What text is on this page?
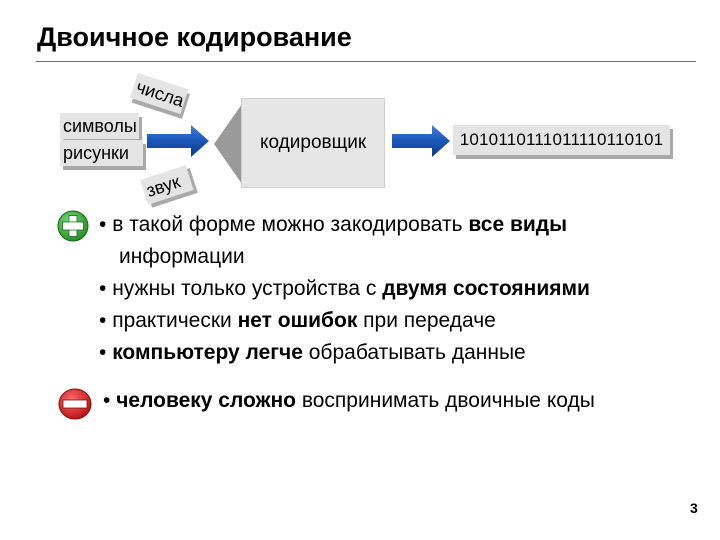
Двоичное кодирование
числа
символы
рисунки
звук
кодировщик	1010110111011110110101
• в такой форме можно закодировать все виды
информации
• нужны только устройства с двумя состояниями
• практически нет ошибок при передаче
• компьютеру легче обрабатывать данные
• человеку сложно воспринимать двоичные коды
3
